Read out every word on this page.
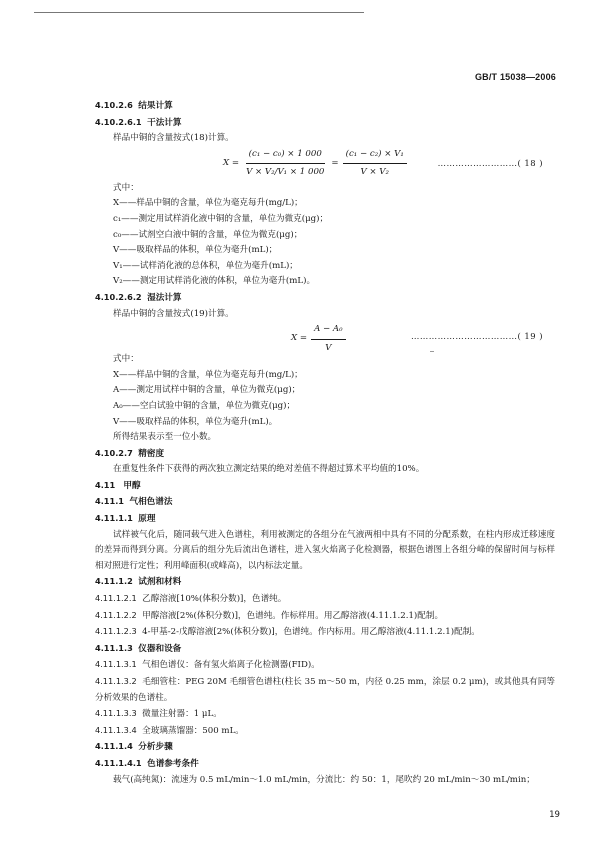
GB/T 15038—2006
4.10.2.6 结果计算
4.10.2.6.1 干法计算
样品中铜的含量按式(18)计算。
$X = \frac{\text{(c₁ − c₀) × 1 000}}{\text{V × V₂/V₁ × 1 000}} = \frac{\text{(c₁ − c₂) × V₁}}{\text{V × V₂}}$	………………………( 18 )
式中：
X——样品中铜的含量，单位为毫克每升(mg/L)；
c₁——测定用试样消化液中铜的含量，单位为微克(μg)；
c₀——试剂空白液中铜的含量，单位为微克(μg)；
V——吸取样品的体积，单位为毫升(mL)；
V₁——试样消化液的总体积，单位为毫升(mL)；
V₂——测定用试样消化液的体积，单位为毫升(mL)。
4.10.2.6.2 湿法计算
样品中铜的含量按式(19)计算。
$X = \frac{\text{A − A₀}}{V}$	………………………………( 19 )
式中：
X——样品中铜的含量，单位为毫克每升(mg/L)；
A——测定用试样中铜的含量，单位为微克(μg)；
A₀——空白试验中铜的含量，单位为微克(μg)；
V——吸取样品的体积，单位为毫升(mL)。
所得结果表示至一位小数。
4.10.2.7 精密度
在重复性条件下获得的两次独立测定结果的绝对差值不得超过算术平均值的10%。
4.11 甲醇
4.11.1 气相色谱法
4.11.1.1 原理
试样被气化后，随同载气进入色谱柱，利用被测定的各组分在气液两相中具有不同的分配系数，在柱内形成迁移速度的差异而得到分离。分离后的组分先后流出色谱柱，进入氢火焰离子化检测器，根据色谱图上各组分峰的保留时间与标样相对照进行定性；利用峰面积(或峰高)，以内标法定量。
4.11.1.2 试剂和材料
4.11.1.2.1 乙醇溶液[10%(体积分数)]，色谱纯。
4.11.1.2.2 甲醇溶液[2%(体积分数)]，色谱纯。作标样用。用乙醇溶液(4.11.1.2.1)配制。
4.11.1.2.3 4-甲基-2-戊醇溶液[2%(体积分数)]，色谱纯。作内标用。用乙醇溶液(4.11.1.2.1)配制。
4.11.1.3 仪器和设备
4.11.1.3.1 气相色谱仪：备有氢火焰离子化检测器(FID)。
4.11.1.3.2 毛细管柱：PEG 20M 毛细管色谱柱(柱长 35 m～50 m，内径 0.25 mm，涂层 0.2 μm)，或其他具有同等分析效果的色谱柱。
4.11.1.3.3 微量注射器：1 μL。
4.11.1.3.4 全玻璃蒸馏器：500 mL。
4.11.1.4 分析步骤
4.11.1.4.1 色谱参考条件
载气(高纯氮)：流速为 0.5 mL/min～1.0 mL/min，分流比：约 50：1，尾吹约 20 mL/min～30 mL/min；
19
